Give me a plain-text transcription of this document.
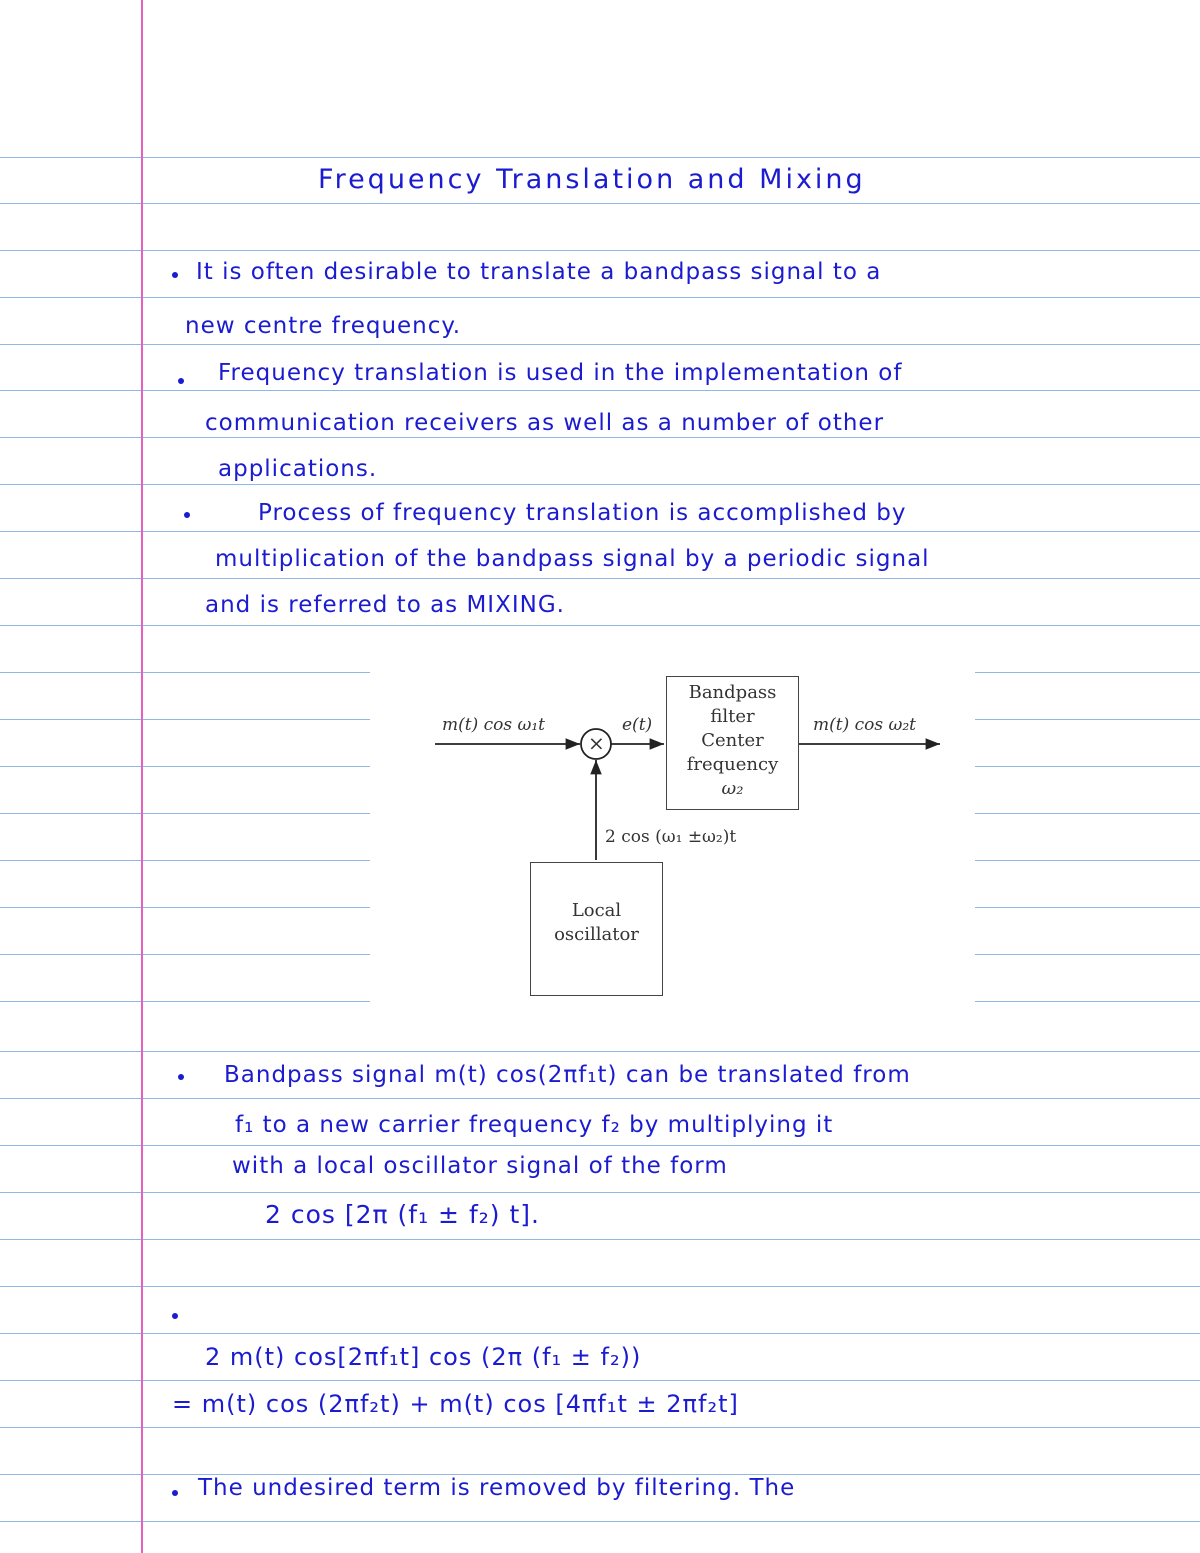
Frequency Translation and Mixing
It is often desirable to translate a bandpass signal to a
new centre frequency.
Frequency translation is used in the implementation of
communication receivers as well as a number of other
applications.
Process of frequency translation is accomplished by
multiplication of the bandpass signal by a periodic signal
and is referred to as MIXING.
×
m(t) cos ω₁t	e(t)	m(t) cos ω₂t
2 cos (ω₁ ±ω₂)t
Bandpass
filter
Center
frequency
ω₂
Local
oscillator
Bandpass signal m(t) cos(2πf₁t) can be translated from
f₁ to a new carrier frequency f₂ by multiplying it
with a local oscillator signal of the form
2 cos [2π (f₁ ± f₂) t].
2 m(t) cos[2πf₁t] cos (2π (f₁ ± f₂))
= m(t) cos (2πf₂t) + m(t) cos [4πf₁t ± 2πf₂t]
The undesired term is removed by filtering. The
